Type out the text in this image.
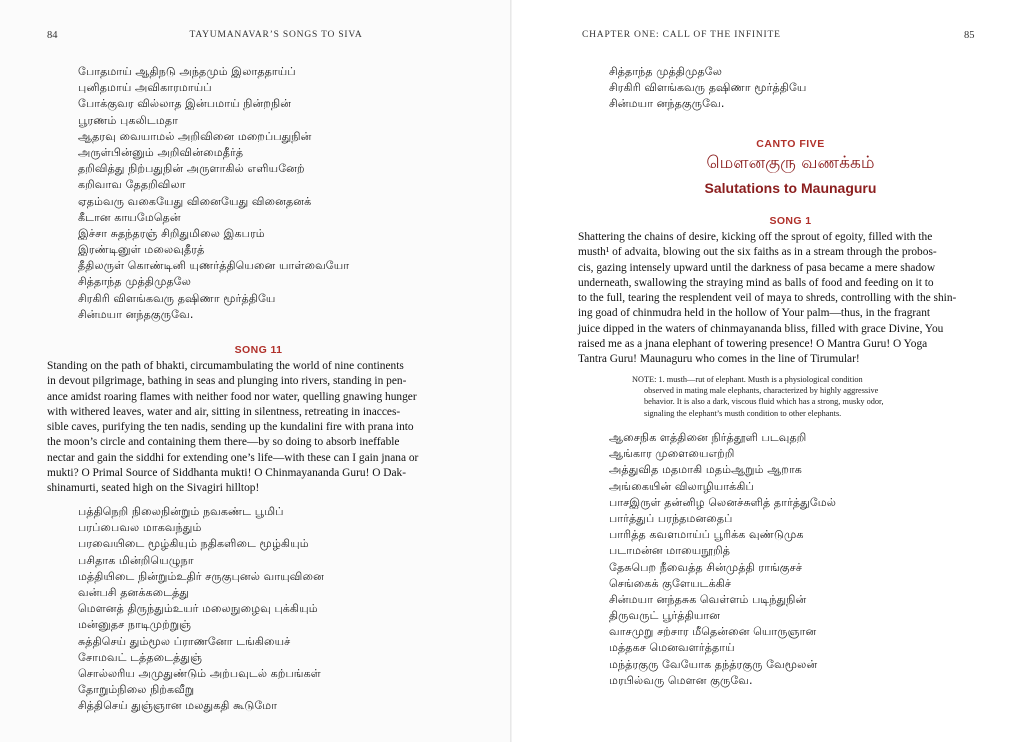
84	TAYUMANAVAR’S SONGS TO SIVA
போதமாய் ஆதிநடு அந்தமும் இலாததாய்ப்
புனிதமாய் அவிகாரமாய்ப்
போக்குவர வில்லாத இன்பமாய் நின்றநின்
பூரணம் புகலிடமதா
ஆதரவு வையாமல் அறிவினை மறைப்பதுநின்
அருள்பின்னும் அறிவின்மைதீர்த்
தறிவித்து நிற்பதுநின் அருளாகில் எளியனேற்
கறிவாவ தேதறிவிலா
ஏதம்வரு வகையேது வினையேது வினைதனக்
கீடான காயமேதென்
இச்சா சுதந்தரஞ் சிறிதுமிலை இகபரம்
இரண்டினுள் மலைவுதீரத்
தீதிலருள் கொண்டினி யுணர்த்தியெனை யாள்வையோ
சித்தாந்த முத்திமுதலே
சிரகிரி விளங்கவரு தஷிணா மூர்த்தியே
சின்மயா னந்தகுருவே.
SONG 11
Standing on the path of bhakti, circumambulating the world of nine continents
in devout pilgrimage, bathing in seas and plunging into rivers, standing in pen-
ance amidst roaring flames with neither food nor water, quelling gnawing hunger
with withered leaves, water and air, sitting in silentness, retreating in inacces-
sible caves, purifying the ten nadis, sending up the kundalini fire with prana into
the moon’s circle and containing them there—by so doing to absorb ineffable
nectar and gain the siddhi for extending one’s life—with these can I gain jnana or
mukti? O Primal Source of Siddhanta mukti! O Chinmayananda Guru! O Dak-
shinamurti, seated high on the Sivagiri hilltop!
பத்திநெறி நிலைநின்றும் நவகண்ட பூமிப்
பரப்பைவல மாகவந்தும்
பரவையிடை மூழ்கியும் நதிகளிடை மூழ்கியும்
பசிதாக மின்றியெழுநா
மத்தியிடை நின்றும்உதிர் சருகுபுனல் வாயுவினை
வன்பசி தனக்கடைத்து
மௌனத் திருந்தும்உயர் மலைநுழைவு புக்கியும்
மன்னுதச நாடிமுற்றுஞ்
சுத்திசெய் தும்மூல ப்ராணனோ டங்கியைச்
சோமவட் டத்தடைத்துஞ்
சொல்லரிய அமுதுண்டும் அற்பவுடல் கற்பங்கள்
தோறும்நிலை நிற்கவீறு
சித்திசெய் துஞ்ஞான மலதுகதி கூடுமோ
CHAPTER ONE: CALL OF THE INFINITE	85
சித்தாந்த முத்திமுதலே
சிரகிரி விளங்கவரு தஷிணா மூர்த்தியே
சின்மயா னந்தகுருவே.
CANTO FIVE
மௌனகுரு வணக்கம்
Salutations to Maunaguru
SONG 1
Shattering the chains of desire, kicking off the sprout of egoity, filled with the
musth¹ of advaita, blowing out the six faiths as in a stream through the probos-
cis, gazing intensely upward until the darkness of pasa became a mere shadow
underneath, swallowing the straying mind as balls of food and feeding on it to
to the full, tearing the resplendent veil of maya to shreds, controlling with the shin-
ing goad of chinmudra held in the hollow of Your palm—thus, in the fragrant
juice dipped in the waters of chinmayananda bliss, filled with grace Divine, You
raised me as a jnana elephant of towering presence! O Mantra Guru! O Yoga
Tantra Guru! Maunaguru who comes in the line of Tirumular!
NOTE: 1. musth—rut of elephant. Musth is a physiological condition
observed in mating male elephants, characterized by highly aggressive
behavior. It is also a dark, viscous fluid which has a strong, musky odor,
signaling the elephant’s musth condition to other elephants.
ஆசைநிக ளத்தினை நிர்த்தூளி படவுதறி
ஆங்கார முளையைஎற்றி
அத்துவித மதமாகி மதம்ஆறும் ஆறாக
அங்கையின் விலாழியாக்கிப்
பாசஇருள் தன்னிழ லெனச்சுளித் தார்த்துமேல்
பார்த்துப் பரந்தமனதைப்
பாரித்த கவளமாய்ப் பூரிக்க வுண்டுமுக
படாமன்ன மாயைநூறித்
தேசுபெற நீவைத்த சின்முத்தி ராங்குசச்
செங்கைக் குளேயடக்கிச்
சின்மயா னந்தசுக வெள்ளம் படிந்துநின்
திருவருட் பூர்த்தியான
வாசமுறு சற்சார மீதென்னை யொருஞான
மத்தகச மெனவளர்த்தாய்
மந்த்ரகுரு வேயோக தந்த்ரகுரு வேமூலன்
மரபில்வரு மௌன குருவே.
